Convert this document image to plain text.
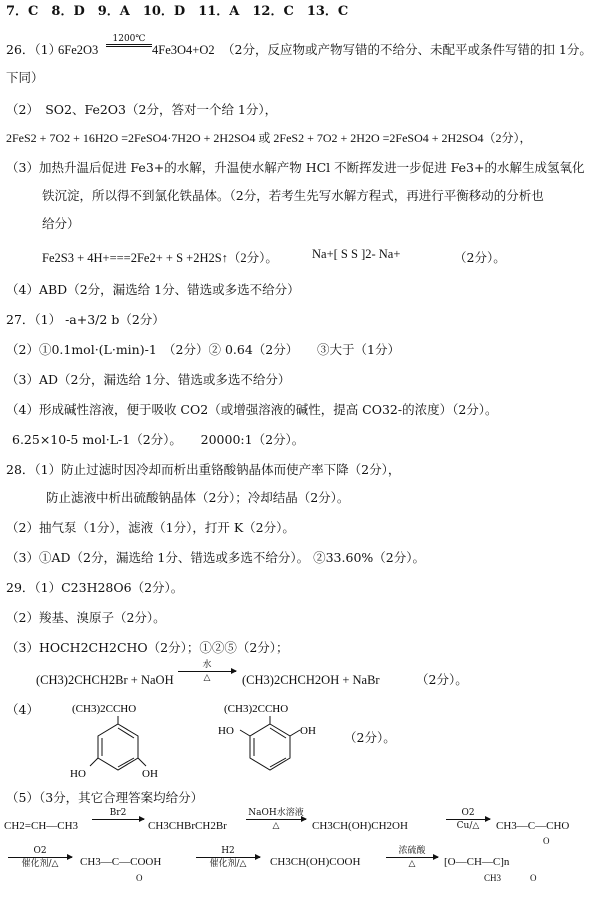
7．C　8．D　9．A　10．D　11．A　12．C　13．C
26．（1）
6Fe2O3
1200℃
4Fe3O4+O2 （2分，反应物或产物写错的不给分、未配平或条件写错的扣 1分。
下同）
（2）　SO2、Fe2O3（2分，答对一个给 1分），
2FeS2 + 7O2 + 16H2O =2FeSO4·7H2O + 2H2SO4 或 2FeS2 + 7O2 + 2H2O =2FeSO4 + 2H2SO4（2分），
（3）加热升温后促进 Fe3+的水解，升温使水解产物 HCl 不断挥发进一步促进 Fe3+的水解生成氢氧化
铁沉淀，所以得不到氯化铁晶体。（2分，若考生先写水解方程式，再进行平衡移动的分析也
给分）
Fe2S3 + 4H+===2Fe2+ + S +2H2S↑（2分）。	Na+[ S S ]2- Na+	（2分）。
（4）ABD（2分，漏选给 1分、错选或多选不给分）
27．（1） -a+3/2 b（2分）
（2）①0.1mol·(L·min)-1　（2分）② 0.64（2分）　　③大于（1分）
（3）AD（2分，漏选给 1分、错选或多选不给分）
（4）形成碱性溶液，便于吸收 CO2（或增强溶液的碱性，提高 CO32-的浓度）（2分）。
6.25×10-5 mol·L-1（2分）。　　20000:1（2分）。
28．（1）防止过滤时因冷却而析出重铬酸钠晶体而使产率下降（2分），
防止滤液中析出硫酸钠晶体（2分）；冷却结晶（2分）。
（2）抽气泵（1分），滤液（1分），打开 K（2分）。
（3）①AD（2分，漏选给 1分、错选或多选不给分）。 ②33.60%（2分）。
29．（1）C23H28O6（2分）。
（2）羧基、溴原子（2分）。
（3）HOCH2CH2CHO（2分）；①②⑤（2分）；
(CH3)2CHCH2Br + NaOH
水
△	(CH3)2CHCH2OH + NaBr	（2分）。
（4）	(CH3)2CCHO
HO	OH
(CH3)2CCHO
HO	OH （2分）。
（5）（3分，其它合理答案均给分）
CH2=CH—CH3
Br2
CH3CHBrCH2Br
NaOH水溶液
△	CH3CH(OH)CH2OH
O2
Cu/△	CH3—C—CHO
O
O2
催化剂/△	CH3—C—COOH
O
H2
催化剂/△	CH3CH(OH)COOH
浓硫酸
△	[O—CH—C]n
CH3	O
